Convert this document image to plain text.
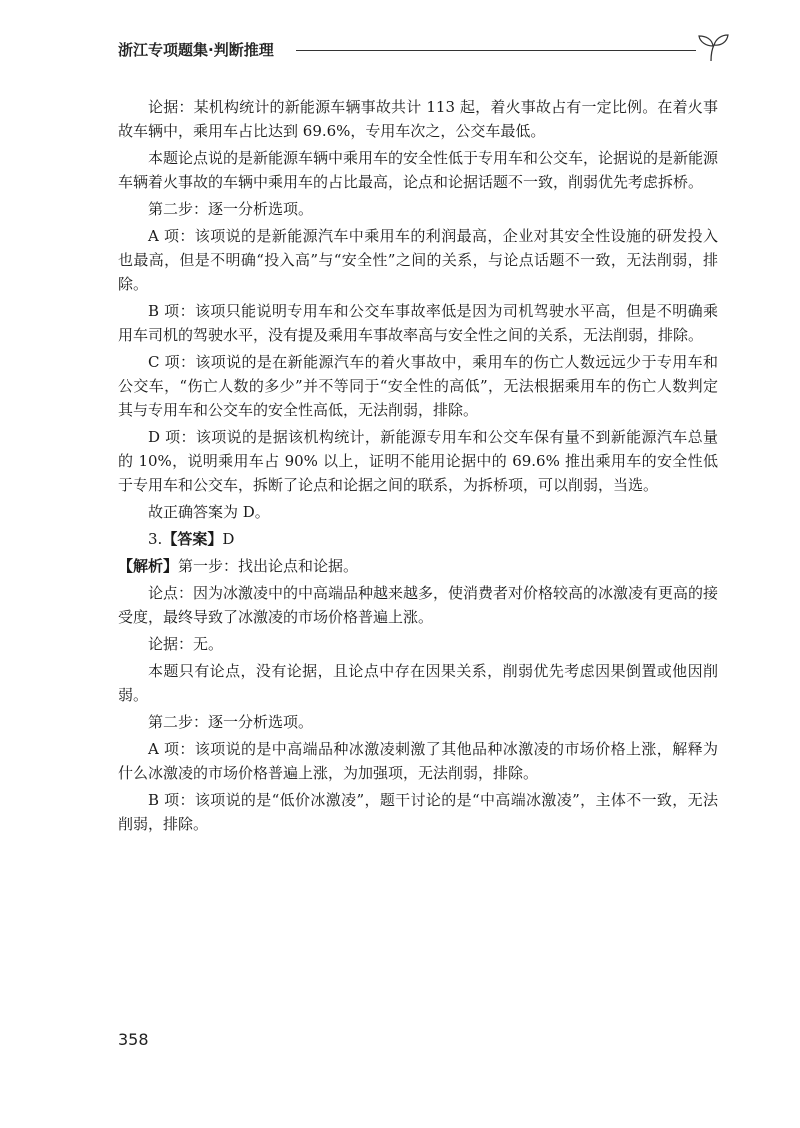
浙江专项题集·判断推理

论据：某机构统计的新能源车辆事故共计 113 起，着火事故占有一定比例。在着火事故车辆中，乘用车占比达到 69.6%，专用车次之，公交车最低。

本题论点说的是新能源车辆中乘用车的安全性低于专用车和公交车，论据说的是新能源车辆着火事故的车辆中乘用车的占比最高，论点和论据话题不一致，削弱优先考虑拆桥。

第二步：逐一分析选项。

A 项：该项说的是新能源汽车中乘用车的利润最高，企业对其安全性设施的研发投入也最高，但是不明确“投入高”与“安全性”之间的关系，与论点话题不一致，无法削弱，排除。

B 项：该项只能说明专用车和公交车事故率低是因为司机驾驶水平高，但是不明确乘用车司机的驾驶水平，没有提及乘用车事故率高与安全性之间的关系，无法削弱，排除。

C 项：该项说的是在新能源汽车的着火事故中，乘用车的伤亡人数远远少于专用车和公交车，“伤亡人数的多少”并不等同于“安全性的高低”，无法根据乘用车的伤亡人数判定其与专用车和公交车的安全性高低，无法削弱，排除。

D 项：该项说的是据该机构统计，新能源专用车和公交车保有量不到新能源汽车总量的 10%，说明乘用车占 90% 以上，证明不能用论据中的 69.6% 推出乘用车的安全性低于专用车和公交车，拆断了论点和论据之间的联系，为拆桥项，可以削弱，当选。

故正确答案为 D。

3.【答案】D

【解析】第一步：找出论点和论据。

论点：因为冰激凌中的中高端品种越来越多，使消费者对价格较高的冰激凌有更高的接受度，最终导致了冰激凌的市场价格普遍上涨。

论据：无。

本题只有论点，没有论据，且论点中存在因果关系，削弱优先考虑因果倒置或他因削弱。

第二步：逐一分析选项。

A 项：该项说的是中高端品种冰激凌刺激了其他品种冰激凌的市场价格上涨，解释为什么冰激凌的市场价格普遍上涨，为加强项，无法削弱，排除。

B 项：该项说的是“低价冰激凌”，题干讨论的是“中高端冰激凌”，主体不一致，无法削弱，排除。

358
